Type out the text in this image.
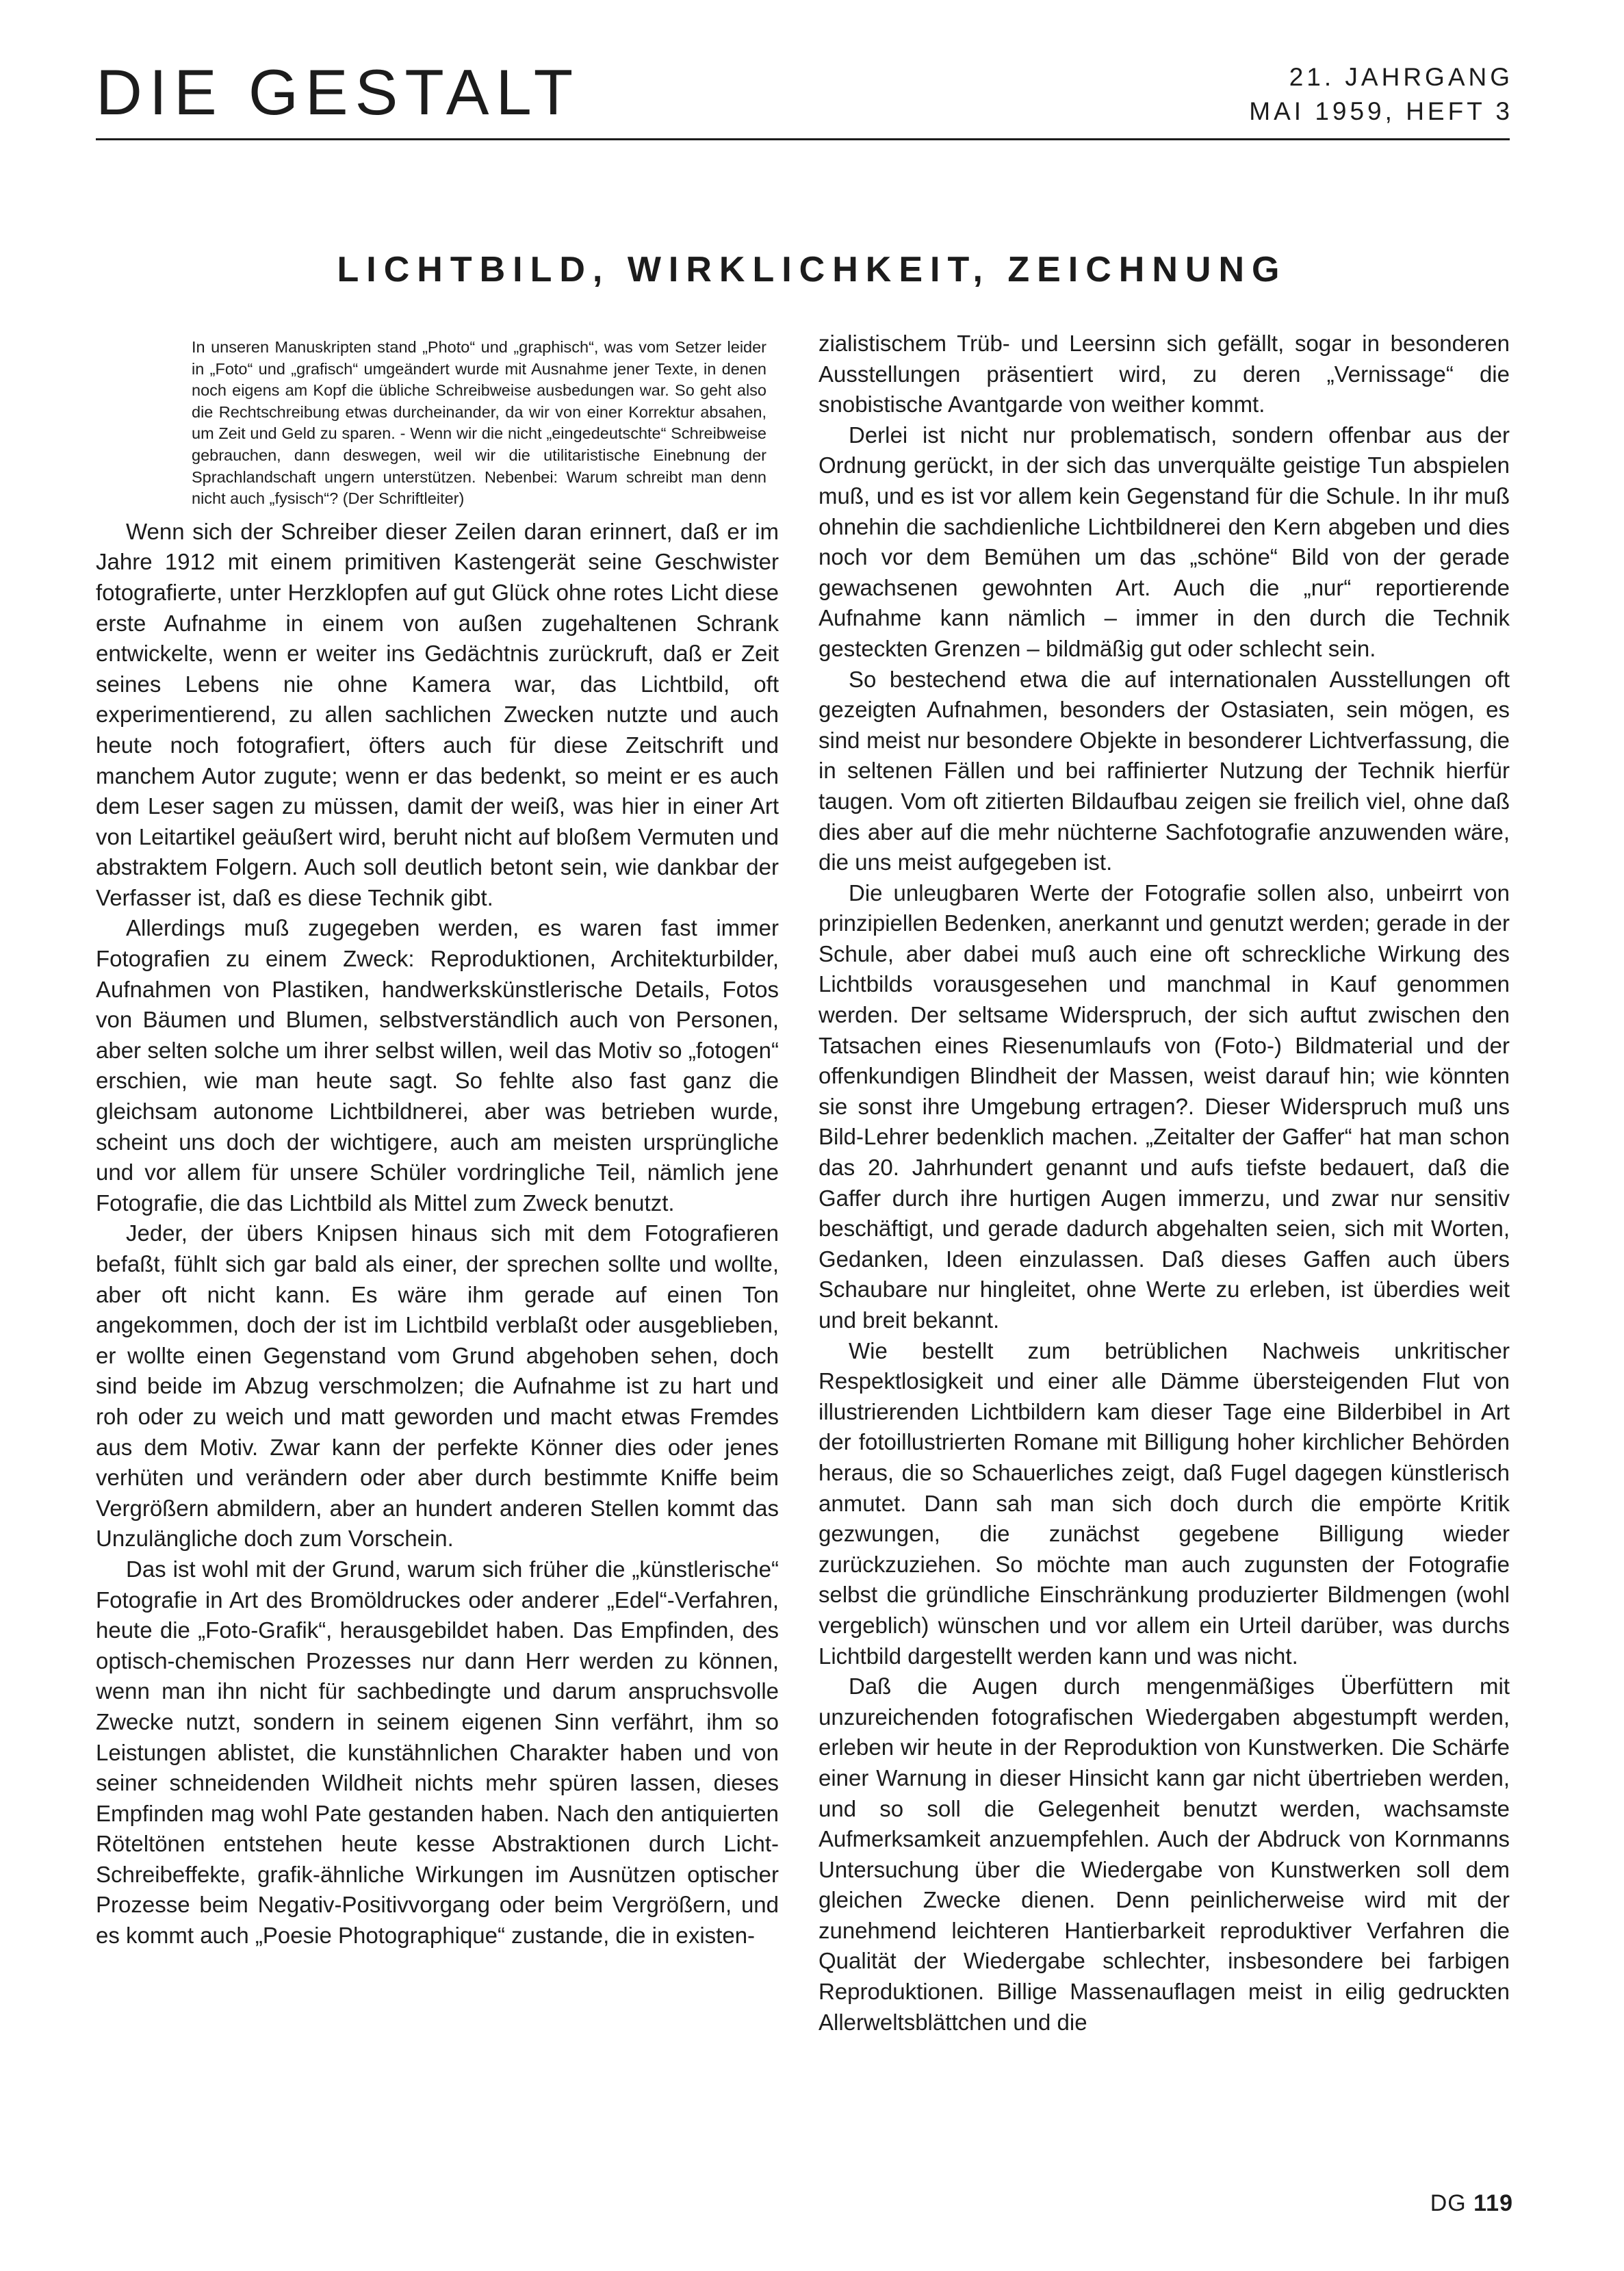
DIE GESTALT	21. JAHRGANG
MAI 1959, HEFT 3
LICHTBILD, WIRKLICHKEIT, ZEICHNUNG

In unseren Manuskripten stand „Photo“ und „graphisch“, was vom Setzer leider in „Foto“ und „grafisch“ umgeändert wurde mit Ausnahme jener Texte, in denen noch eigens am Kopf die übliche Schreibweise ausbedungen war. So geht also die Rechtschreibung etwas durcheinander, da wir von einer Korrektur absahen, um Zeit und Geld zu sparen. - Wenn wir die nicht „eingedeutschte“ Schreibweise gebrauchen, dann deswegen, weil wir die utilitaristische Einebnung der Sprachlandschaft ungern unterstützen. Nebenbei: Warum schreibt man denn nicht auch „fysisch“? (Der Schriftleiter)

Wenn sich der Schreiber dieser Zeilen daran erinnert, daß er im Jahre 1912 mit einem primitiven Kastengerät seine Geschwister fotografierte, unter Herzklopfen auf gut Glück ohne rotes Licht diese erste Aufnahme in einem von außen zugehaltenen Schrank entwickelte, wenn er weiter ins Gedächtnis zurückruft, daß er Zeit seines Lebens nie ohne Kamera war, das Lichtbild, oft experimentierend, zu allen sachlichen Zwecken nutzte und auch heute noch fotografiert, öfters auch für diese Zeitschrift und manchem Autor zugute; wenn er das bedenkt, so meint er es auch dem Leser sagen zu müssen, damit der weiß, was hier in einer Art von Leitartikel geäußert wird, beruht nicht auf bloßem Vermuten und abstraktem Folgern. Auch soll deutlich betont sein, wie dankbar der Verfasser ist, daß es diese Technik gibt.

Allerdings muß zugegeben werden, es waren fast immer Fotografien zu einem Zweck: Reproduktionen, Architekturbilder, Aufnahmen von Plastiken, handwerkskünstlerische Details, Fotos von Bäumen und Blumen, selbstverständlich auch von Personen, aber selten solche um ihrer selbst willen, weil das Motiv so „fotogen“ erschien, wie man heute sagt. So fehlte also fast ganz die gleichsam autonome Lichtbildnerei, aber was betrieben wurde, scheint uns doch der wichtigere, auch am meisten ursprüngliche und vor allem für unsere Schüler vordringliche Teil, nämlich jene Fotografie, die das Lichtbild als Mittel zum Zweck benutzt.

Jeder, der übers Knipsen hinaus sich mit dem Fotografieren befaßt, fühlt sich gar bald als einer, der sprechen sollte und wollte, aber oft nicht kann. Es wäre ihm gerade auf einen Ton angekommen, doch der ist im Lichtbild verblaßt oder ausgeblieben, er wollte einen Gegenstand vom Grund abgehoben sehen, doch sind beide im Abzug verschmolzen; die Aufnahme ist zu hart und roh oder zu weich und matt geworden und macht etwas Fremdes aus dem Motiv. Zwar kann der perfekte Könner dies oder jenes verhüten und verändern oder aber durch bestimmte Kniffe beim Vergrößern abmildern, aber an hundert anderen Stellen kommt das Unzulängliche doch zum Vorschein.

Das ist wohl mit der Grund, warum sich früher die „künstlerische“ Fotografie in Art des Bromöldruckes oder anderer „Edel“-Verfahren, heute die „Foto-Grafik“, herausgebildet haben. Das Empfinden, des optisch-chemischen Prozesses nur dann Herr werden zu können, wenn man ihn nicht für sachbedingte und darum anspruchsvolle Zwecke nutzt, sondern in seinem eigenen Sinn verfährt, ihm so Leistungen ablistet, die kunstähnlichen Charakter haben und von seiner schneidenden Wildheit nichts mehr spüren lassen, dieses Empfinden mag wohl Pate gestanden haben. Nach den antiquierten Röteltönen entstehen heute kesse Abstraktionen durch Licht-Schreibeffekte, grafik-ähnliche Wirkungen im Ausnützen optischer Prozesse beim Negativ-Positivvorgang oder beim Vergrößern, und es kommt auch „Poesie Photographique“ zustande, die in existen-

zialistischem Trüb- und Leersinn sich gefällt, sogar in besonderen Ausstellungen präsentiert wird, zu deren „Vernissage“ die snobistische Avantgarde von weither kommt.

Derlei ist nicht nur problematisch, sondern offenbar aus der Ordnung gerückt, in der sich das unverquälte geistige Tun abspielen muß, und es ist vor allem kein Gegenstand für die Schule. In ihr muß ohnehin die sachdienliche Lichtbildnerei den Kern abgeben und dies noch vor dem Bemühen um das „schöne“ Bild von der gerade gewachsenen gewohnten Art. Auch die „nur“ reportierende Aufnahme kann nämlich – immer in den durch die Technik gesteckten Grenzen – bildmäßig gut oder schlecht sein.

So bestechend etwa die auf internationalen Ausstellungen oft gezeigten Aufnahmen, besonders der Ostasiaten, sein mögen, es sind meist nur besondere Objekte in besonderer Lichtverfassung, die in seltenen Fällen und bei raffinierter Nutzung der Technik hierfür taugen. Vom oft zitierten Bildaufbau zeigen sie freilich viel, ohne daß dies aber auf die mehr nüchterne Sachfotografie anzuwenden wäre, die uns meist aufgegeben ist.

Die unleugbaren Werte der Fotografie sollen also, unbeirrt von prinzipiellen Bedenken, anerkannt und genutzt werden; gerade in der Schule, aber dabei muß auch eine oft schreckliche Wirkung des Lichtbilds vorausgesehen und manchmal in Kauf genommen werden. Der seltsame Widerspruch, der sich auftut zwischen den Tatsachen eines Riesenumlaufs von (Foto-) Bildmaterial und der offenkundigen Blindheit der Massen, weist darauf hin; wie könnten sie sonst ihre Umgebung ertragen?. Dieser Widerspruch muß uns Bild-Lehrer bedenklich machen. „Zeitalter der Gaffer“ hat man schon das 20. Jahrhundert genannt und aufs tiefste bedauert, daß die Gaffer durch ihre hurtigen Augen immerzu, und zwar nur sensitiv beschäftigt, und gerade dadurch abgehalten seien, sich mit Worten, Gedanken, Ideen einzulassen. Daß dieses Gaffen auch übers Schaubare nur hingleitet, ohne Werte zu erleben, ist überdies weit und breit bekannt.

Wie bestellt zum betrüblichen Nachweis unkritischer Respektlosigkeit und einer alle Dämme übersteigenden Flut von illustrierenden Lichtbildern kam dieser Tage eine Bilderbibel in Art der fotoillustrierten Romane mit Billigung hoher kirchlicher Behörden heraus, die so Schauerliches zeigt, daß Fugel dagegen künstlerisch anmutet. Dann sah man sich doch durch die empörte Kritik gezwungen, die zunächst gegebene Billigung wieder zurückzuziehen. So möchte man auch zugunsten der Fotografie selbst die gründliche Einschränkung produzierter Bildmengen (wohl vergeblich) wünschen und vor allem ein Urteil darüber, was durchs Lichtbild dargestellt werden kann und was nicht.

Daß die Augen durch mengenmäßiges Überfüttern mit unzureichenden fotografischen Wiedergaben abgestumpft werden, erleben wir heute in der Reproduktion von Kunstwerken. Die Schärfe einer Warnung in dieser Hinsicht kann gar nicht übertrieben werden, und so soll die Gelegenheit benutzt werden, wachsamste Aufmerksamkeit anzuempfehlen. Auch der Abdruck von Kornmanns Untersuchung über die Wiedergabe von Kunstwerken soll dem gleichen Zwecke dienen. Denn peinlicherweise wird mit der zunehmend leichteren Hantierbarkeit reproduktiver Verfahren die Qualität der Wiedergabe schlechter, insbesondere bei farbigen Reproduktionen. Billige Massenauflagen meist in eilig gedruckten Allerweltsblättchen und die

DG 119
